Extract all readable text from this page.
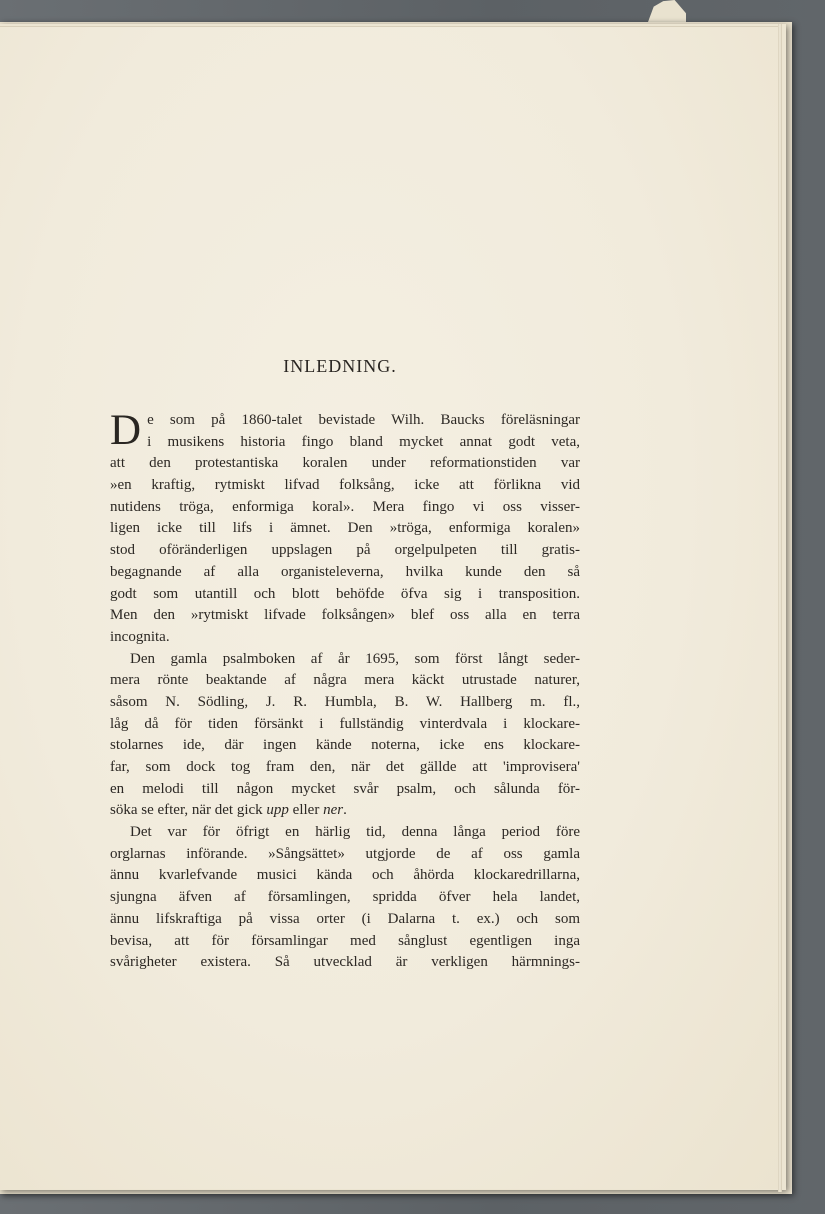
INLEDNING.
D e som på 1860-talet bevistade Wilh. Baucks föreläsningar
i musikens historia fingo bland mycket annat godt veta,
att den protestantiska koralen under reformationstiden var
»en kraftig, rytmiskt lifvad folksång, icke att förlikna vid
nutidens tröga, enformiga koral». Mera fingo vi oss visser-
ligen icke till lifs i ämnet. Den »tröga, enformiga koralen»
stod oföränderligen uppslagen på orgelpulpeten till gratis-
begagnande af alla organisteleverna, hvilka kunde den så
godt som utantill och blott behöfde öfva sig i transposition.
Men den »rytmiskt lifvade folksången» blef oss alla en terra
incognita.
Den gamla psalmboken af år 1695, som först långt seder-
mera rönte beaktande af några mera käckt utrustade naturer,
såsom N. Södling, J. R. Humbla, B. W. Hallberg m. fl.,
låg då för tiden försänkt i fullständig vinterdvala i klockare-
stolarnes ide, där ingen kände noterna, icke ens klockare-
far, som dock tog fram den, när det gällde att 'improvisera'
en melodi till någon mycket svår psalm, och sålunda för-
söka se efter, när det gick upp eller ner.
Det var för öfrigt en härlig tid, denna långa period före
orglarnas införande. »Sångsättet» utgjorde de af oss gamla
ännu kvarlefvande musici kända och åhörda klockaredrillarna,
sjungna äfven af församlingen, spridda öfver hela landet,
ännu lifskraftiga på vissa orter (i Dalarna t. ex.) och som
bevisa, att för församlingar med sånglust egentligen inga
svårigheter existera. Så utvecklad är verkligen härmnings-
